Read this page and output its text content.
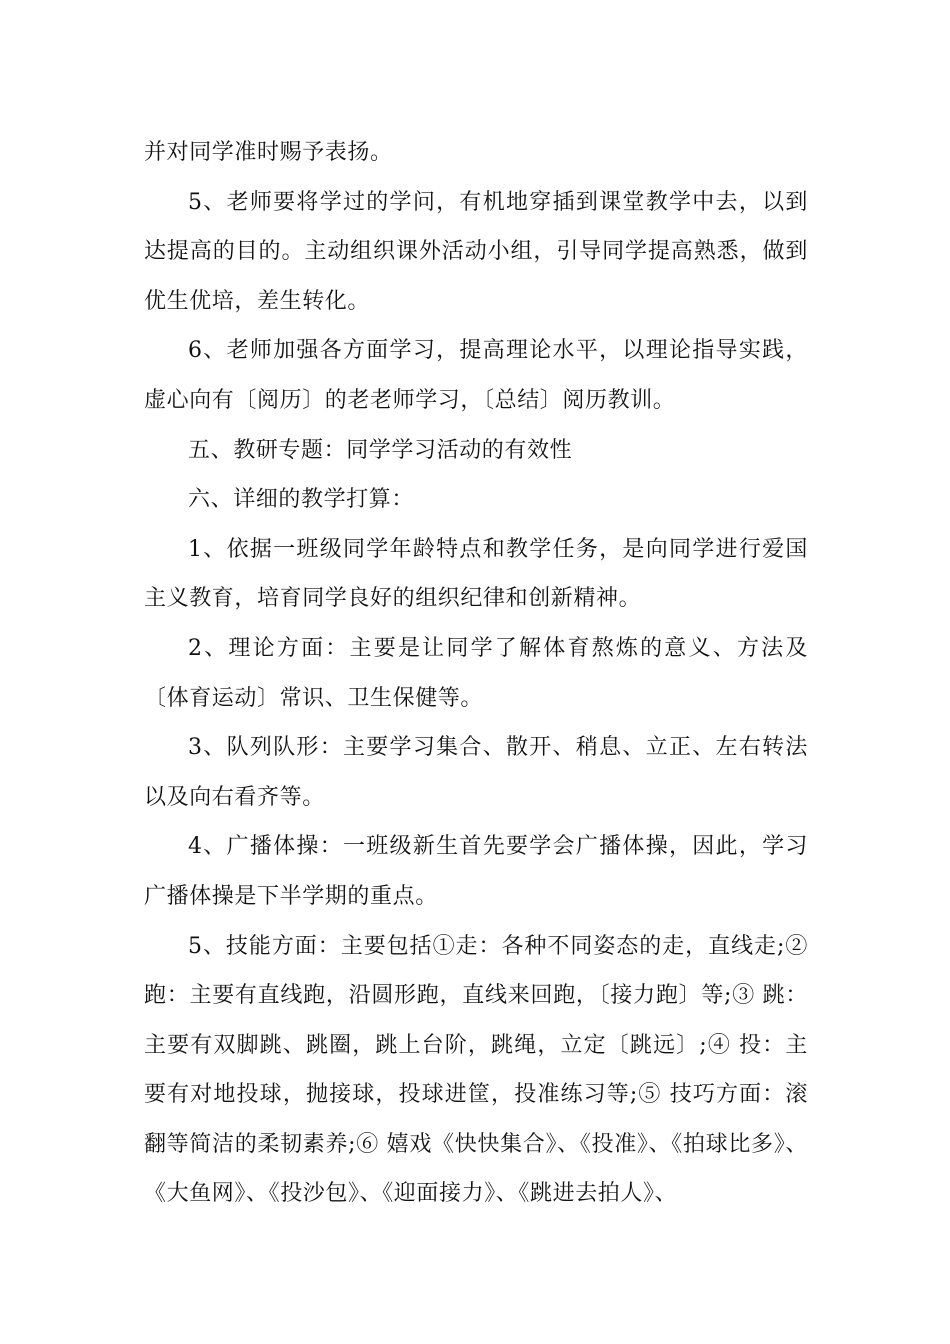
并对同学准时赐予表扬。

5、老师要将学过的学问，有机地穿插到课堂教学中去，以到达提高的目的。主动组织课外活动小组，引导同学提高熟悉，做到优生优培，差生转化。

6、老师加强各方面学习，提高理论水平，以理论指导实践，虚心向有〔阅历〕的老老师学习，〔总结〕阅历教训。

五、教研专题：同学学习活动的有效性

六、详细的教学打算：

1、依据一班级同学年龄特点和教学任务，是向同学进行爱国主义教育，培育同学良好的组织纪律和创新精神。

2、理论方面：主要是让同学了解体育熬炼的意义、方法及〔体育运动〕常识、卫生保健等。

3、队列队形：主要学习集合、散开、稍息、立正、左右转法以及向右看齐等。

4、广播体操：一班级新生首先要学会广播体操，因此，学习广播体操是下半学期的重点。

5、技能方面：主要包括①走：各种不同姿态的走，直线走;②跑：主要有直线跑，沿圆形跑，直线来回跑，〔接力跑〕等;③ 跳：主要有双脚跳、跳圈，跳上台阶，跳绳，立定〔跳远〕;④ 投：主要有对地投球，抛接球，投球进筐，投准练习等;⑤ 技巧方面：滚翻等简洁的柔韧素养;⑥ 嬉戏《快快集合》、《投准》、《拍球比多》、《大鱼网》、《投沙包》、《迎面接力》、《跳进去拍人》、
